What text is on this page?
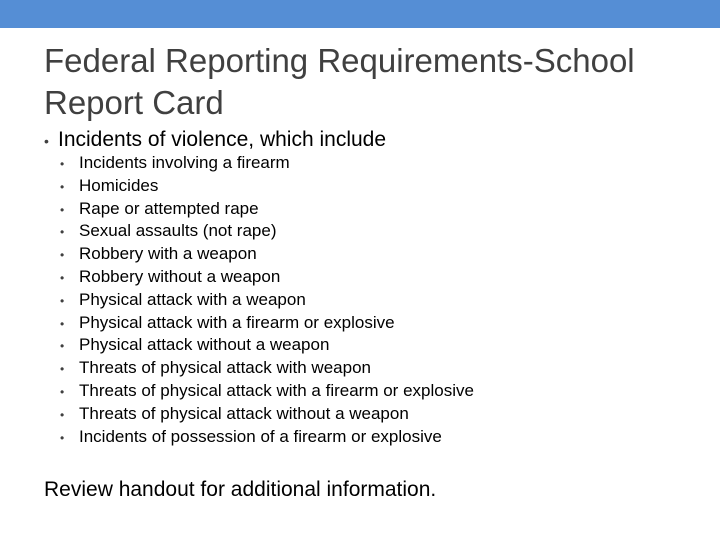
Federal Reporting Requirements-School Report Card
• Incidents of violence, which include
• Incidents involving a firearm
• Homicides
• Rape or attempted rape
• Sexual assaults (not rape)
• Robbery with a weapon
• Robbery without a weapon
• Physical attack with a weapon
• Physical attack with a firearm or explosive
• Physical attack without a weapon
• Threats of physical attack with weapon
• Threats of physical attack with a firearm or explosive
• Threats of physical attack without a weapon
• Incidents of possession of a firearm or explosive
Review handout for additional information.
